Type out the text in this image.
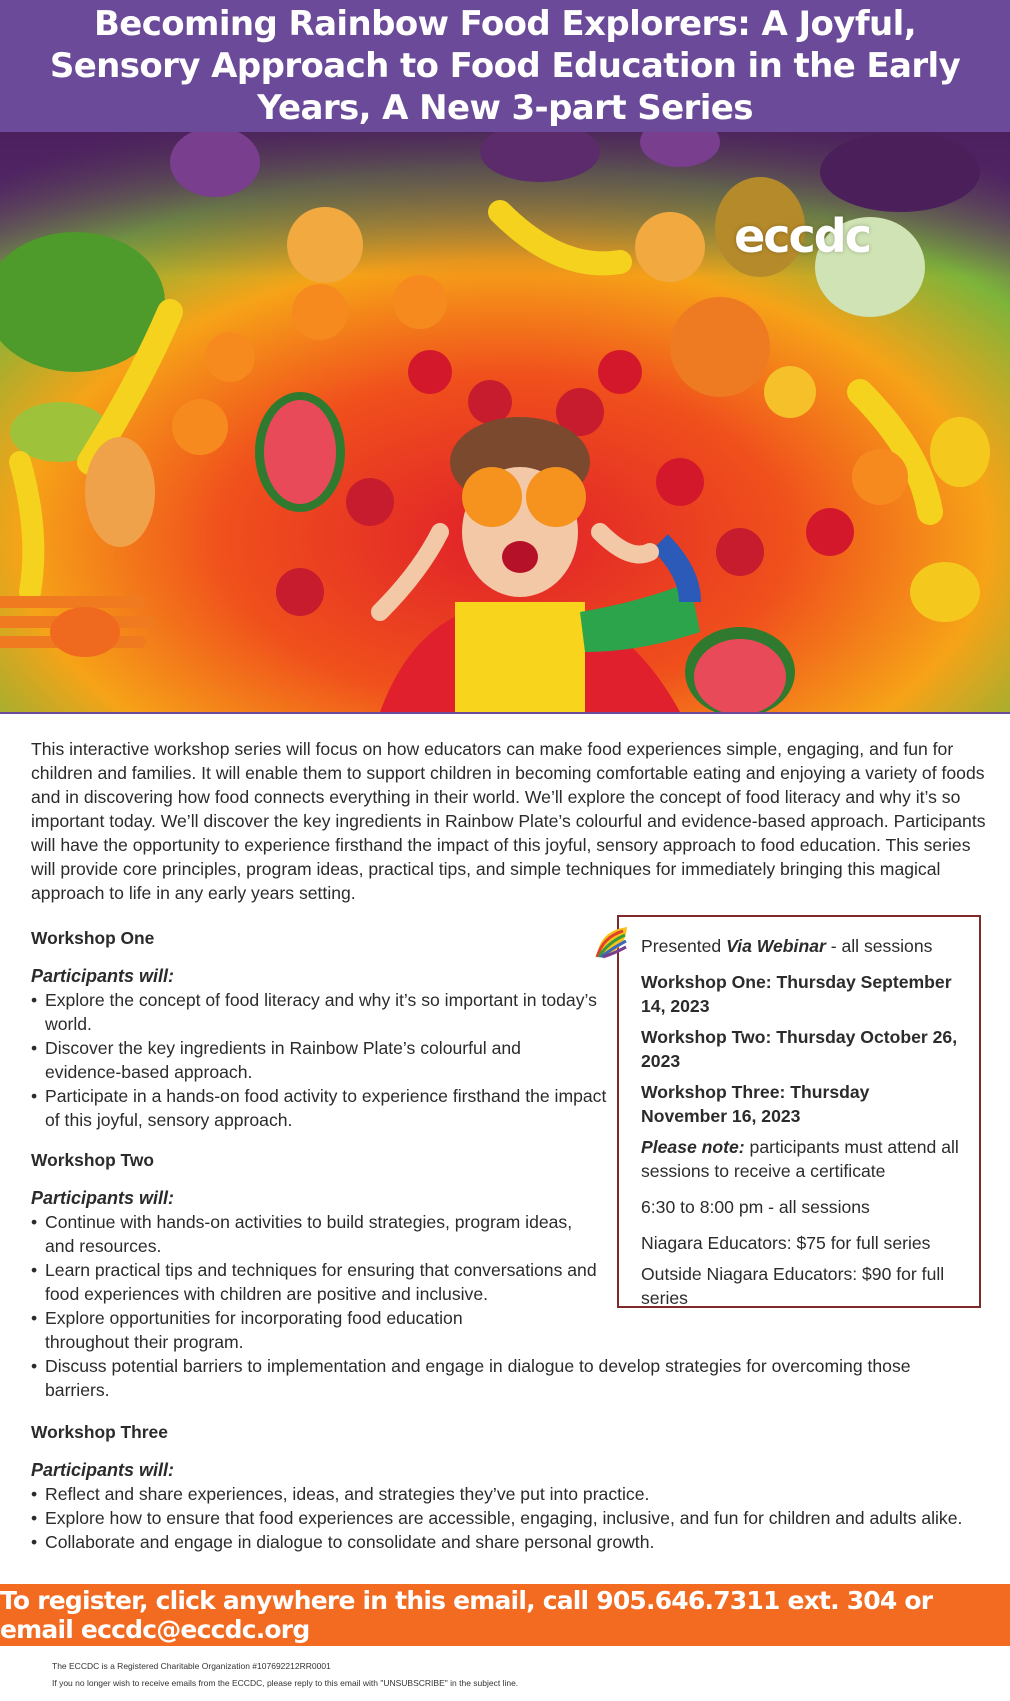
Becoming Rainbow Food Explorers: A Joyful, Sensory Approach to Food Education in the Early Years, A New 3-part Series
eccdc

This interactive workshop series will focus on how educators can make food experiences simple, engaging, and fun for children and families. It will enable them to support children in becoming comfortable eating and enjoying a variety of foods and in discovering how food connects everything in their world. We’ll explore the concept of food literacy and why it’s so important today. We’ll discover the key ingredients in Rainbow Plate’s colourful and evidence-based approach. Participants will have the opportunity to experience firsthand the impact of this joyful, sensory approach to food education. This series will provide core principles, program ideas, practical tips, and simple techniques for immediately bringing this magical approach to life in any early years setting.

Workshop One
Participants will:
• Explore the concept of food literacy and why it’s so important in today’s world.
• Discover the key ingredients in Rainbow Plate’s colourful and evidence-based approach.
• Participate in a hands-on food activity to experience firsthand the impact of this joyful, sensory approach.
Workshop Two
Participants will:
• Continue with hands-on activities to build strategies, program ideas, and resources.
• Learn practical tips and techniques for ensuring that conversations and food experiences with children are positive and inclusive.
• Explore opportunities for incorporating food education throughout their program.
• Discuss potential barriers to implementation and engage in dialogue to develop strategies for overcoming those barriers.
Workshop Three
Participants will:
• Reflect and share experiences, ideas, and strategies they’ve put into practice.
• Explore how to ensure that food experiences are accessible, engaging, inclusive, and fun for children and adults alike.
• Collaborate and engage in dialogue to consolidate and share personal growth.

Presented Via Webinar - all sessions

Workshop One: Thursday September 14, 2023

Workshop Two: Thursday October 26, 2023

Workshop Three: Thursday November 16, 2023

Please note: participants must attend all sessions to receive a certificate

6:30 to 8:00 pm - all sessions

Niagara Educators: $75 for full series

Outside Niagara Educators: $90 for full series

To register, click anywhere in this email, call 905.646.7311 ext. 304 or email eccdc@eccdc.org

The ECCDC is a Registered Charitable Organization #107692212RR0001

If you no longer wish to receive emails from the ECCDC, please reply to this email with "UNSUBSCRIBE" in the subject line.
